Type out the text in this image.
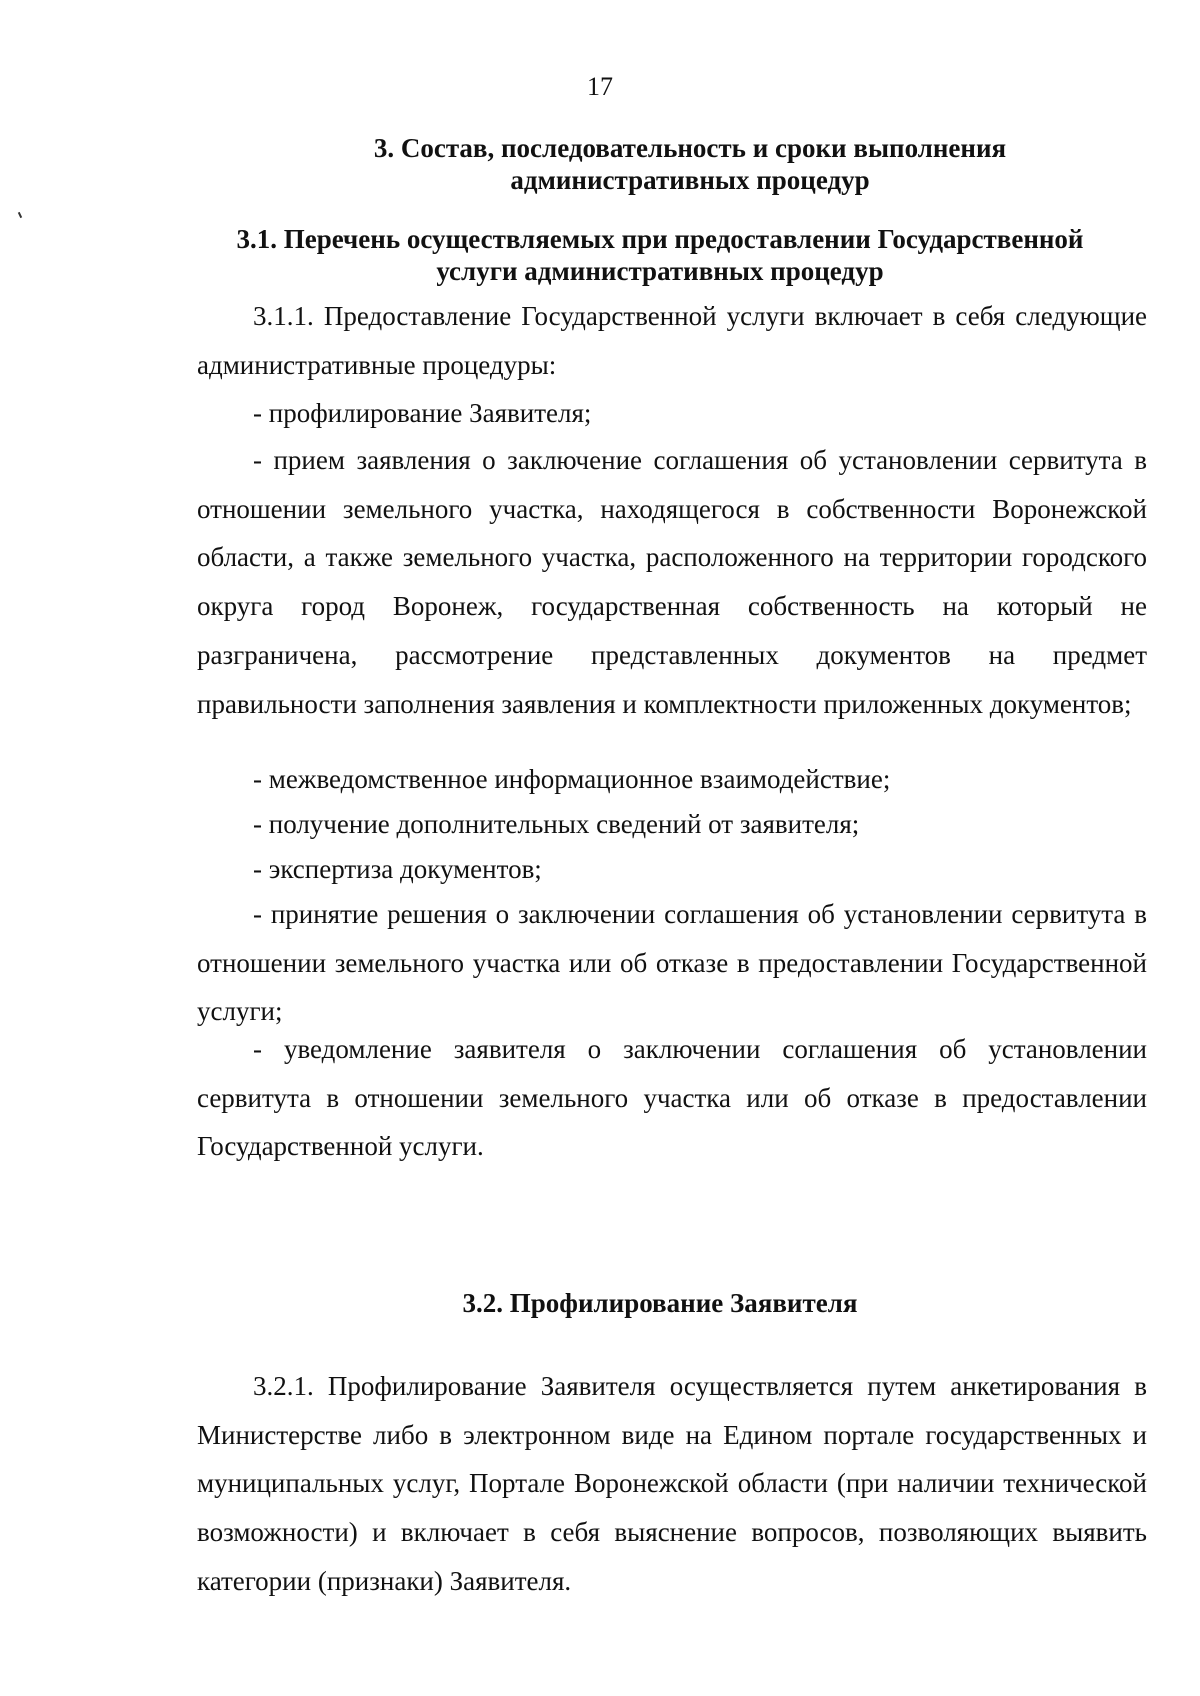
17
3. Состав, последовательность и сроки выполнения
административных процедур
3.1. Перечень осуществляемых при предоставлении Государственной
услуги административных процедур

3.1.1. Предоставление Государственной услуги включает в себя следующие административные процедуры:

- профилирование Заявителя;

- прием заявления о заключение соглашения об установлении сервитута в отношении земельного участка, находящегося в собственности Воронежской области, а также земельного участка, расположенного на территории городского округа город Воронеж, государственная собственность на который не разграничена, рассмотрение представленных документов на предмет правильности заполнения заявления и комплектности приложенных документов;

- межведомственное информационное взаимодействие;

- получение дополнительных сведений от заявителя;

- экспертиза документов;

- принятие решения о заключении соглашения об установлении сервитута в отношении земельного участка или об отказе в предоставлении Государственной услуги;

- уведомление заявителя о заключении соглашения об установлении сервитута в отношении земельного участка или об отказе в предоставлении Государственной услуги.

3.2. Профилирование Заявителя

3.2.1. Профилирование Заявителя осуществляется путем анкетирования в Министерстве либо в электронном виде на Едином портале государственных и муниципальных услуг, Портале Воронежской области (при наличии технической возможности) и включает в себя выяснение вопросов, позволяющих выявить категории (признаки) Заявителя.
